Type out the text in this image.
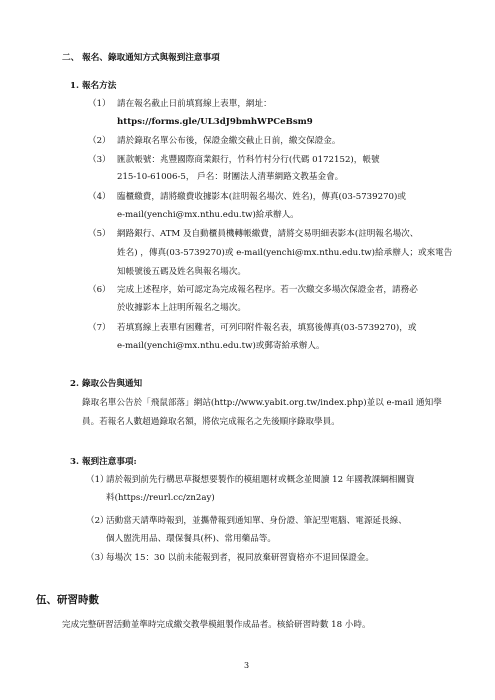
二、 報名、錄取通知方式與報到注意事項
1. 報名方法
（1） 請在報名截止日前填寫線上表單，網址：
https://forms.gle/UL3dJ9bmhWPCeBsm9
（2） 請於錄取名單公布後，保證金繳交截止日前，繳交保證金。
（3） 匯款帳號：兆豐國際商業銀行，竹科竹村分行(代碼 0172152)，帳號
215-10-61006-5， 戶名：財團法人清華網路文教基金會。
（4） 臨櫃繳費，請將繳費收據影本(註明報名場次、姓名)，傳真(03-5739270)或
e-mail(yenchi@mx.nthu.edu.tw)給承辦人。
（5） 網路銀行、ATM 及自動櫃員機轉帳繳費，請將交易明細表影本(註明報名場次、
姓名) ，傳真(03-5739270)或 e-mail(yenchi@mx.nthu.edu.tw)給承辦人；或來電告
知帳號後五碼及姓名與報名場次。
（6） 完成上述程序，始可認定為完成報名程序。若一次繳交多場次保證金者，請務必
於收據影本上註明所報名之場次。
（7） 若填寫線上表單有困難者，可列印附件報名表，填寫後傳真(03-5739270)，或
e-mail(yenchi@mx.nthu.edu.tw)或郵寄給承辦人。
2. 錄取公告與通知
錄取名單公告於「飛鼠部落」網站(http://www.yabit.org.tw/index.php)並以 e-mail 通知學
員。若報名人數超過錄取名額，將依完成報名之先後順序錄取學員。
3. 報到注意事項:
（1）
請於報到前先行構思草擬想要製作的模組題材或概念並閱讀 12 年國教課綱相關資
料(https://reurl.cc/zn2ay)
（2）
活動當天請準時報到，並攜帶報到通知單、身份證、筆記型電腦、電源延長線、
個人盥洗用品、環保餐具(杯)、常用藥品等。
（3）
每場次 15：30 以前未能報到者，視同放棄研習資格亦不退回保證金。
伍、研習時數
完成完整研習活動並準時完成繳交教學模組製作成品者。核給研習時數 18 小時。
3
